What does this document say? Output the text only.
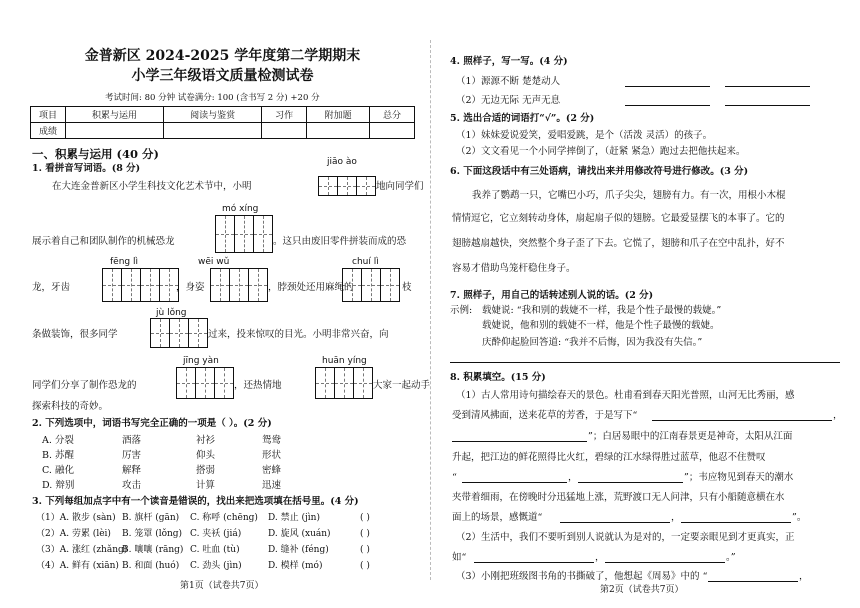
金普新区 2024-2025 学年度第二学期期末
小学三年级语文质量检测试卷
考试时间: 80 分钟 试卷满分: 100 (含书写 2 分) +20 分
项目	积累与运用	阅读与鉴赏	习作	附加题	总分
成绩					
一、积累与运用 (40 分)
1. 看拼音写词语。(8 分)
jiāo ào
在大连金普新区小学生科技文化艺术节中，小明	地向同学们
mó xíng
展示着自己和团队制作的机械恐龙	。这只由废旧零件拼装而成的恐
fēng lì	wēi wǔ	chuí lì
龙，牙齿	，身姿	，脖颈处还用麻绳的	枝
jù lǒng
条做装饰，很多同学	过来，投来惊叹的目光。小明非常兴奋，向
jīng yàn	huān yíng
同学们分享了制作恐龙的	，还热情地	大家一起动手
探索科技的奇妙。
2. 下列选项中，词语书写完全正确的一项是（ ）。(2 分)
A. 分裂	酒落	衬衫	鸳鸯
B. 苏醒	厉害	仰头	形状
C. 融化	解释	搭弱	密蜂
D. 辩别	攻击	计算	迅速
3. 下列每组加点字中有一个读音是错误的，找出来把选项填在括号里。(4 分)
（1）A. 散步 (sàn) B. 旗杆 (gān) C. 称呼 (chēng) D. 禁止 (jìn)	( )
（2）A. 劳累 (lèi) B. 笼罩 (lǒng) C. 夹袄 (jiá)	D. 旋风 (xuán)	( )
（3）A. 涨红 (zhǎng)
B. 嚷嚷 (rāng) C. 吐血 (tù)	D. 缝补 (féng)	( )
（4）A. 鲜有 (xiān) B. 和面 (huó) C. 劲头 (jìn)	D. 模样 (mó)	( )
第1页（试卷共7页）
4. 照样子，写一写。(4 分)
（1）源源不断 楚楚动人
（2）无边无际 无声无息
5. 选出合适的词语打“√”。(2 分)
（1）妹妹爱说爱笑，爱唱爱跳，是个（活泼 灵活）的孩子。
（2）文文看见一个小同学摔倒了，（赶紧 紧急）跑过去把他扶起来。
6. 下面这段话中有三处语病，请找出来并用修改符号进行修改。(3 分)
我养了鹦鹉一只，它嘴巴小巧，爪子尖尖，翅膀有力。有一次，用根小木棍
情情逗它，它立刻转动身体，扇起扇子似的翅膀。它最爱显摆飞的本事了。它的
翅膀越扇越快，突然整个身子歪了下去。它慌了，翅膀和爪子在空中乱扑，好不
容易才借助鸟笼杆稳住身子。
7. 照样子，用自己的话转述别人说的话。(2 分)
示例: 载婕说: “我和别的载婕不一样，我是个性子最慢的载婕。”
载婕说，他和别的载婕不一样，他是个性子最慢的载婕。
庆酔仰起脸回答道: “我并不后悔，因为我没有失信。”
8. 积累填空。(15 分)
（1）古人常用诗句描绘春天的景色。杜甫看到春天阳光普照，山河无比秀丽，感
受到清风拂面，送来花草的芳香，于是写下“	，
”；白居易眼中的江南春景更是神奇，太阳从江面
升起，把江边的鲜花照得比火红，碧绿的江水绿得胜过蓝草，他忍不住赞叹
“	，	”；韦应物见到春天的潮水
夹带着细雨，在傍晚时分迅猛地上涨，荒野渡口无人问津，只有小船随意横在水
面上的场景，感慨道“	，	”。
（2）生活中，我们不要听到别人说就认为是对的，一定要亲眼见到才更真实，正
如“	，	。”
（3）小刚把班级图书角的书撕破了，他想起《周易》中的 “	，
第2页（试卷共7页）
